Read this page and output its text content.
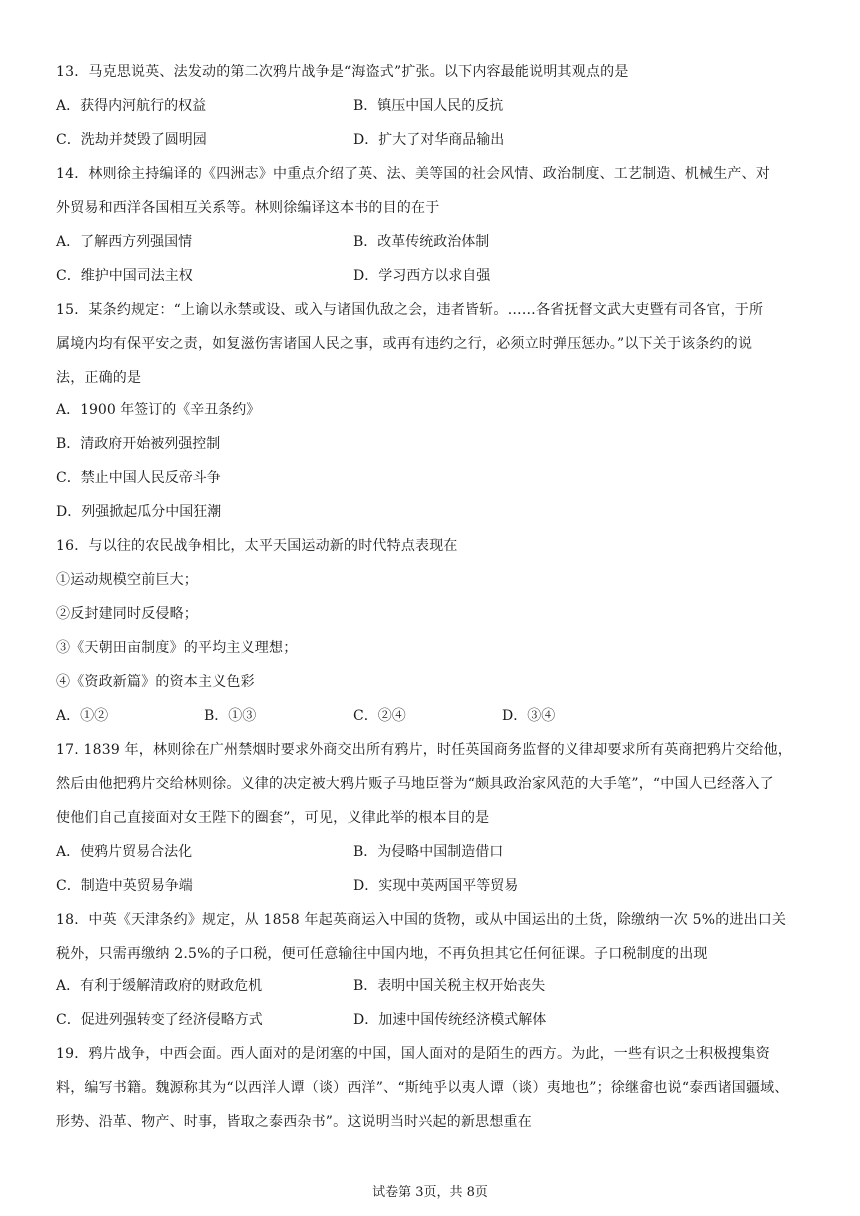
13．马克思说英、法发动的第二次鸦片战争是“海盗式”扩张。以下内容最能说明其观点的是
A．获得内河航行的权益	B．镇压中国人民的反抗
C．洗劫并焚毁了圆明园	D．扩大了对华商品输出
14．林则徐主持编译的《四洲志》中重点介绍了英、法、美等国的社会风情、政治制度、工艺制造、机械生产、对
外贸易和西洋各国相互关系等。林则徐编译这本书的目的在于
A．了解西方列强国情	B．改革传统政治体制
C．维护中国司法主权	D．学习西方以求自强
15．某条约规定：“上谕以永禁或设、或入与诸国仇敌之会，违者皆斩。……各省抚督文武大吏暨有司各官，于所
属境内均有保平安之责，如复滋伤害诸国人民之事，或再有违约之行，必须立时弹压惩办。”以下关于该条约的说
法，正确的是
A．1900 年签订的《辛丑条约》
B．清政府开始被列强控制
C．禁止中国人民反帝斗争
D．列强掀起瓜分中国狂潮
16．与以往的农民战争相比，太平天国运动新的时代特点表现在
①运动规模空前巨大；
②反封建同时反侵略；
③《天朝田亩制度》的平均主义理想；
④《资政新篇》的资本主义色彩
A．①②	B．①③	C．②④	D．③④
17. 1839 年，林则徐在广州禁烟时要求外商交出所有鸦片，时任英国商务监督的义律却要求所有英商把鸦片交给他，
然后由他把鸦片交给林则徐。义律的决定被大鸦片贩子马地臣誉为“颇具政治家风范的大手笔”，“中国人已经落入了
使他们自己直接面对女王陛下的圈套”，可见，义律此举的根本目的是
A．使鸦片贸易合法化	B．为侵略中国制造借口
C．制造中英贸易争端	D．实现中英两国平等贸易
18．中英《天津条约》规定，从 1858 年起英商运入中国的货物，或从中国运出的土货，除缴纳一次 5%的进出口关
税外，只需再缴纳 2.5%的子口税，便可任意输往中国内地，不再负担其它任何征课。子口税制度的出现
A．有利于缓解清政府的财政危机	B．表明中国关税主权开始丧失
C．促进列强转变了经济侵略方式	D．加速中国传统经济模式解体
19．鸦片战争，中西会面。西人面对的是闭塞的中国，国人面对的是陌生的西方。为此，一些有识之士积极搜集资
料，编写书籍。魏源称其为“以西洋人谭（谈）西洋”、“斯纯乎以夷人谭（谈）夷地也”；徐继畲也说“泰西诸国疆域、
形势、沿革、物产、时事，皆取之泰西杂书”。这说明当时兴起的新思想重在
试卷第 3页，共 8页
